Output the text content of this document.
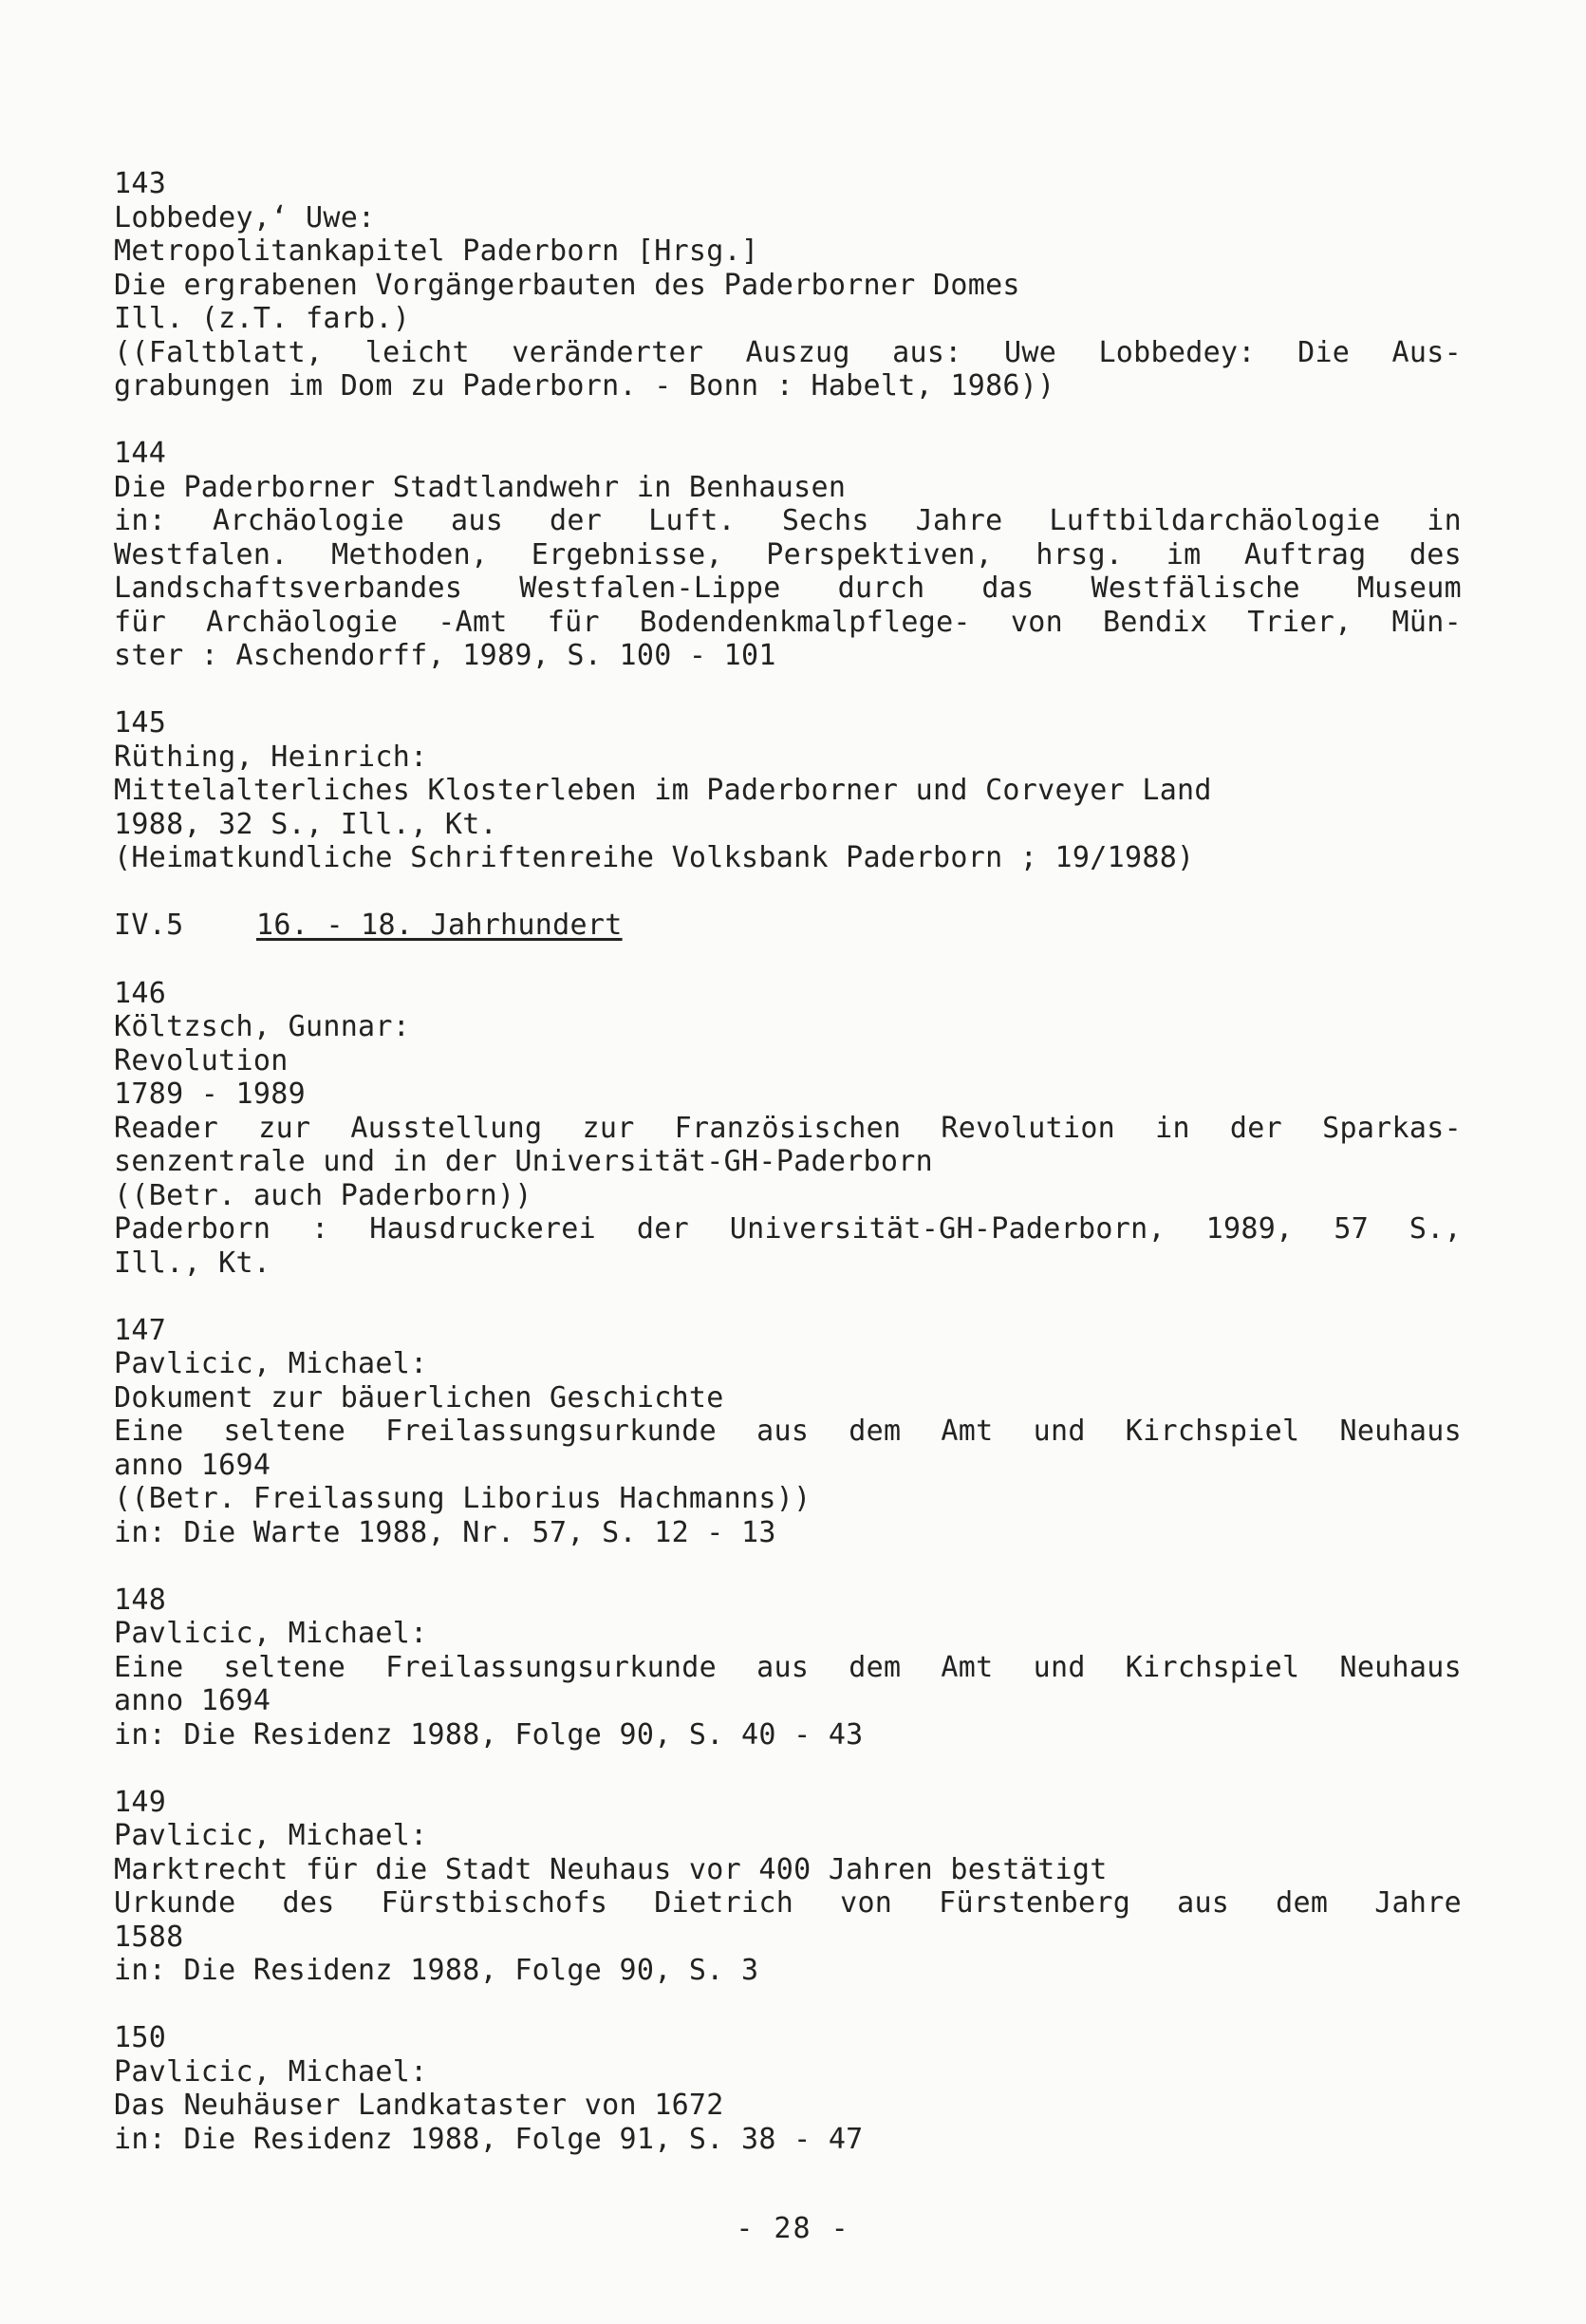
143
Lobbedey,ʻ Uwe:
Metropolitankapitel Paderborn [Hrsg.]
Die ergrabenen Vorgängerbauten des Paderborner Domes
Ill. (z.T. farb.)
((Faltblatt, leicht veränderter Auszug aus: Uwe Lobbedey: Die Aus-
grabungen im Dom zu Paderborn. - Bonn : Habelt, 1986))
144
Die Paderborner Stadtlandwehr in Benhausen
in: Archäologie aus der Luft. Sechs Jahre Luftbildarchäologie in
Westfalen. Methoden, Ergebnisse, Perspektiven, hrsg. im Auftrag des
Landschaftsverbandes Westfalen-Lippe durch das Westfälische Museum
für Archäologie -Amt für Bodendenkmalpflege- von Bendix Trier, Mün-
ster : Aschendorff, 1989, S. 100 - 101
145
Rüthing, Heinrich:
Mittelalterliches Klosterleben im Paderborner und Corveyer Land
1988, 32 S., Ill., Kt.
(Heimatkundliche Schriftenreihe Volksbank Paderborn ; 19/1988)
IV.5	16. - 18. Jahrhundert
146
Költzsch, Gunnar:
Revolution
1789 - 1989
Reader zur Ausstellung zur Französischen Revolution in der Sparkas-
senzentrale und in der Universität-GH-Paderborn
((Betr. auch Paderborn))
Paderborn : Hausdruckerei der Universität-GH-Paderborn, 1989, 57 S.,
Ill., Kt.
147
Pavlicic, Michael:
Dokument zur bäuerlichen Geschichte
Eine seltene Freilassungsurkunde aus dem Amt und Kirchspiel Neuhaus
anno 1694
((Betr. Freilassung Liborius Hachmanns))
in: Die Warte 1988, Nr. 57, S. 12 - 13
148
Pavlicic, Michael:
Eine seltene Freilassungsurkunde aus dem Amt und Kirchspiel Neuhaus
anno 1694
in: Die Residenz 1988, Folge 90, S. 40 - 43
149
Pavlicic, Michael:
Marktrecht für die Stadt Neuhaus vor 400 Jahren bestätigt
Urkunde des Fürstbischofs Dietrich von Fürstenberg aus dem Jahre
1588
in: Die Residenz 1988, Folge 90, S. 3
150
Pavlicic, Michael:
Das Neuhäuser Landkataster von 1672
in: Die Residenz 1988, Folge 91, S. 38 - 47
- 28 -
